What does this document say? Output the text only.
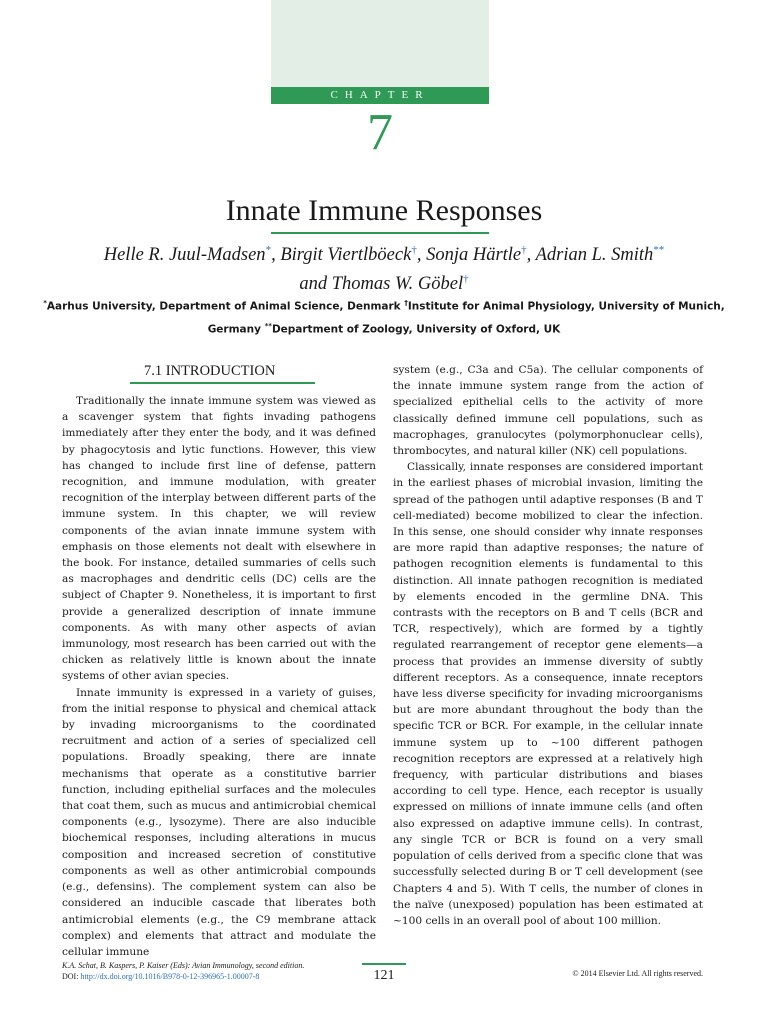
CHAPTER
7
Innate Immune Responses
Helle R. Juul-Madsen*, Birgit Viertlböeck†, Sonja Härtle†, Adrian L. Smith**
and Thomas W. Göbel†
*Aarhus University, Department of Animal Science, Denmark †Institute for Animal Physiology, University of Munich,
Germany **Department of Zoology, University of Oxford, UK
7.1 INTRODUCTION

Traditionally the innate immune system was viewed as a scavenger system that fights invading pathogens immediately after they enter the body, and it was defined by phagocytosis and lytic functions. However, this view has changed to include first line of defense, pattern recognition, and immune modulation, with greater recognition of the interplay between different parts of the immune system. In this chapter, we will review components of the avian innate immune system with emphasis on those elements not dealt with elsewhere in the book. For instance, detailed summaries of cells such as macrophages and dendritic cells (DC) cells are the subject of Chapter 9. Nonetheless, it is important to first provide a generalized description of innate immune components. As with many other aspects of avian immunology, most research has been carried out with the chicken as relatively little is known about the innate systems of other avian species.

Innate immunity is expressed in a variety of guises, from the initial response to physical and chemical attack by invading microorganisms to the coordinated recruitment and action of a series of specialized cell populations. Broadly speaking, there are innate mechanisms that operate as a constitutive barrier function, including epithelial surfaces and the molecules that coat them, such as mucus and antimicrobial chemical components (e.g., lysozyme). There are also inducible biochemical responses, including alterations in mucus composition and increased secretion of constitutive components as well as other antimicrobial compounds (e.g., defensins). The complement system can also be considered an inducible cascade that liberates both antimicrobial elements (e.g., the C9 membrane attack complex) and elements that attract and modulate the cellular immune

system (e.g., C3a and C5a). The cellular components of the innate immune system range from the action of specialized epithelial cells to the activity of more classically defined immune cell populations, such as macrophages, granulocytes (polymorphonuclear cells), thrombocytes, and natural killer (NK) cell populations.

Classically, innate responses are considered important in the earliest phases of microbial invasion, limiting the spread of the pathogen until adaptive responses (B and T cell-mediated) become mobilized to clear the infection. In this sense, one should consider why innate responses are more rapid than adaptive responses; the nature of pathogen recognition elements is fundamental to this distinction. All innate pathogen recognition is mediated by elements encoded in the germline DNA. This contrasts with the receptors on B and T cells (BCR and TCR, respectively), which are formed by a tightly regulated rearrangement of receptor gene elements—a process that provides an immense diversity of subtly different receptors. As a consequence, innate receptors have less diverse specificity for invading microorganisms but are more abundant throughout the body than the specific TCR or BCR. For example, in the cellular innate immune system up to ~100 different pathogen recognition receptors are expressed at a relatively high frequency, with particular distributions and biases according to cell type. Hence, each receptor is usually expressed on millions of innate immune cells (and often also expressed on adaptive immune cells). In contrast, any single TCR or BCR is found on a very small population of cells derived from a specific clone that was successfully selected during B or T cell development (see Chapters 4 and 5). With T cells, the number of clones in the naïve (unexposed) population has been estimated at ~100 cells in an overall pool of about 100 million.

K.A. Schat, B. Kaspers, P. Kaiser (Eds): Avian Immunology, second edition.
DOI: http://dx.doi.org/10.1016/B978-0-12-396965-1.00007-8	121	© 2014 Elsevier Ltd. All rights reserved.
